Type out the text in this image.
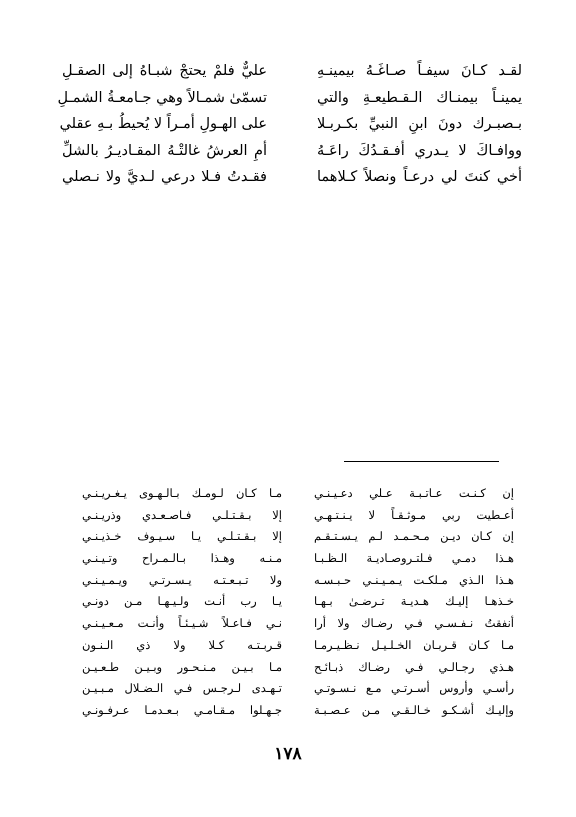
لقـد كـانَ سيفـاً صـاغَـهُ بيمينـهِ
يمينـاً بيمنـاك الـقـطيعـةِ والتي
بـصبـرك دونَ ابنِ النبيِّ بكـربـلا
ووافـاكَ لا يـدري أفـقـدُكَ راعَـهُ
أخي كنتَ لي درعـاً ونصلاً كـلاهما
عليٌّ فلمْ يحتجْ شبـاهُ إلى الصقـلِ
تسمّىٰ شمـالاً وهي جـامعـةُ الشمـلِ
على الهـولِ أمـراً لا يُحيطُ بـهِ عقلي
أمِ العرشُ غالتْـهُ المقـاديـرُ بالشلِّ
فقـدتُ فـلا درعي لـديَّ ولا نـصلي
إن كـنـت عـاتـبـة عـلي دعـيـنـي
أعـطيت ربي مـوثـقـاً لا يـنـتـهـي
إن كـان ديـن مـحـمـد لـم يـسـتـقـم
هـذا دمـي فـلتـروصـاديـة الـظـبـا
هـذا الـذي مـلكـت يـمـيـنـي حـبـسـه
خـذهـا إليـك هـديـة تـرضـىٰ بـهـا
أنفقتُ نـفـسـي فـي رضـاك ولا أرا
مـا كـان قـربـان الخـلـيـل نـظـيـرمـا
هـذي رجـالـي فـي رضـاك ذبـائـح
رأسـي وأروس أسـرتـي مـع نـسـوتـي
وإليـك أشـكـو خـالـقـي مـن عـصـبـة
مـا كـان لـومـك بـالـهـوى يـغـريـنـي
إلا بـقـتـلـي فـاصـعـدي وذريـنـي
إلا بـقـتـلـي يـا سـيـوف خـذيـنـي
مـنـه وهـذا بـالـمـراح وتـيـنـي
ولا تـبـعـتـه يـسـرتـي ويـمـيـنـي
يـا رب أنـت ولـيـهـا مـن دونـي
نـي فـاعـلاً شـيـئـاً وأنـت مـعـيـنـي
قـربـتـه كـلا ولا ذي الـنـون
مـا بـيـن مـنـحـور وبـيـن طـعـيـن
تـهـدى لـرجـس فـي الـضـلال مـبـيـن
جـهـلوا مـقـامـي بـعـدمـا عـرفـونـي
١٧٨
